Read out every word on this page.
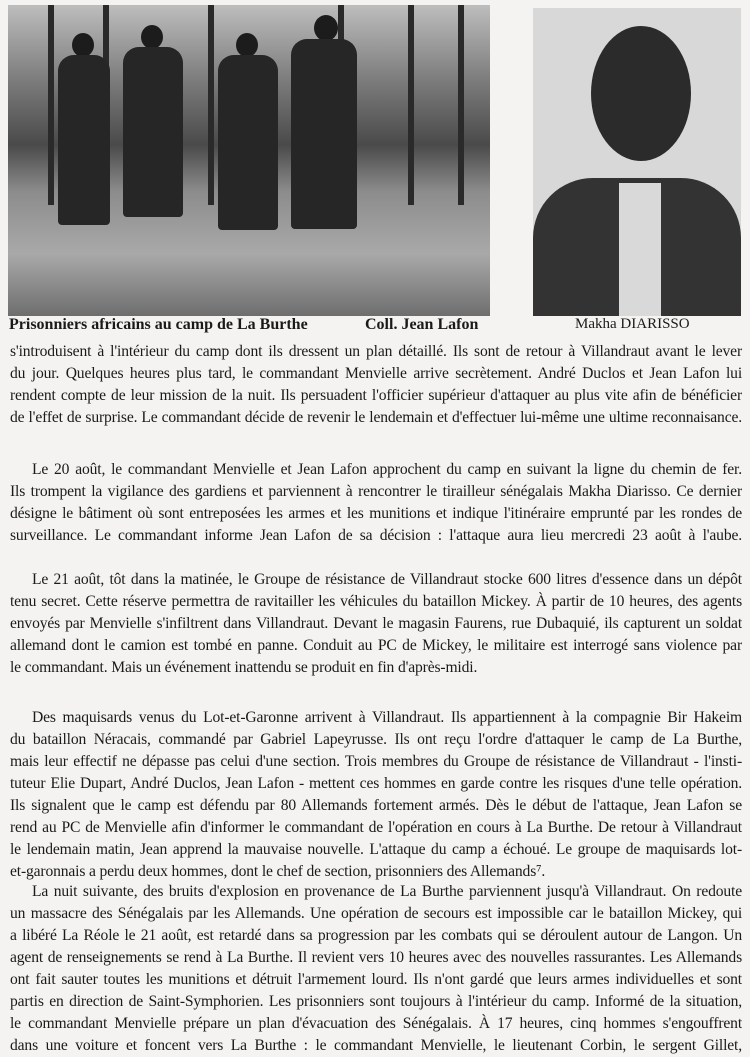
Prisonniers africains au camp de La Burthe	Coll. Jean Lafon	Makha DIARISSO
s'introduisent à l'intérieur du camp dont ils dressent un plan détaillé. Ils sont de retour à Villandraut avant le lever
du jour. Quelques heures plus tard, le commandant Menvielle arrive secrètement. André Duclos et Jean Lafon lui
rendent compte de leur mission de la nuit. Ils persuadent l'officier supérieur d'attaquer au plus vite afin de bénéficier
de l'effet de surprise. Le commandant décide de revenir le lendemain et d'effectuer lui-même une ultime reconnaisance.
Le 20 août, le commandant Menvielle et Jean Lafon approchent du camp en suivant la ligne du chemin de fer.
Ils trompent la vigilance des gardiens et parviennent à rencontrer le tirailleur sénégalais Makha Diarisso. Ce dernier
désigne le bâtiment où sont entreposées les armes et les munitions et indique l'itinéraire emprunté par les rondes de
surveillance. Le commandant informe Jean Lafon de sa décision : l'attaque aura lieu mercredi 23 août à l'aube.
Le 21 août, tôt dans la matinée, le Groupe de résistance de Villandraut stocke 600 litres d'essence dans un dépôt
tenu secret. Cette réserve permettra de ravitailler les véhicules du bataillon Mickey. À partir de 10 heures, des agents
envoyés par Menvielle s'infiltrent dans Villandraut. Devant le magasin Faurens, rue Dubaquié, ils capturent un soldat
allemand dont le camion est tombé en panne. Conduit au PC de Mickey, le militaire est interrogé sans violence par
le commandant. Mais un événement inattendu se produit en fin d'après-midi.
Des maquisards venus du Lot-et-Garonne arrivent à Villandraut. Ils appartiennent à la compagnie Bir Hakeim
du bataillon Néracais, commandé par Gabriel Lapeyrusse. Ils ont reçu l'ordre d'attaquer le camp de La Burthe,
mais leur effectif ne dépasse pas celui d'une section. Trois membres du Groupe de résistance de Villandraut - l'insti-
tuteur Elie Dupart, André Duclos, Jean Lafon - mettent ces hommes en garde contre les risques d'une telle opération.
Ils signalent que le camp est défendu par 80 Allemands fortement armés. Dès le début de l'attaque, Jean Lafon se
rend au PC de Menvielle afin d'informer le commandant de l'opération en cours à La Burthe. De retour à Villandraut
le lendemain matin, Jean apprend la mauvaise nouvelle. L'attaque du camp a échoué. Le groupe de maquisards lot-
et-garonnais a perdu deux hommes, dont le chef de section, prisonniers des Allemands⁷.
La nuit suivante, des bruits d'explosion en provenance de La Burthe parviennent jusqu'à Villandraut. On redoute
un massacre des Sénégalais par les Allemands. Une opération de secours est impossible car le bataillon Mickey, qui
a libéré La Réole le 21 août, est retardé dans sa progression par les combats qui se déroulent autour de Langon. Un
agent de renseignements se rend à La Burthe. Il revient vers 10 heures avec des nouvelles rassurantes. Les Allemands
ont fait sauter toutes les munitions et détruit l'armement lourd. Ils n'ont gardé que leurs armes individuelles et sont
partis en direction de Saint-Symphorien. Les prisonniers sont toujours à l'intérieur du camp. Informé de la situation,
le commandant Menvielle prépare un plan d'évacuation des Sénégalais. À 17 heures, cinq hommes s'engouffrent
dans une voiture et foncent vers La Burthe : le commandant Menvielle, le lieutenant Corbin, le sergent Gillet,
